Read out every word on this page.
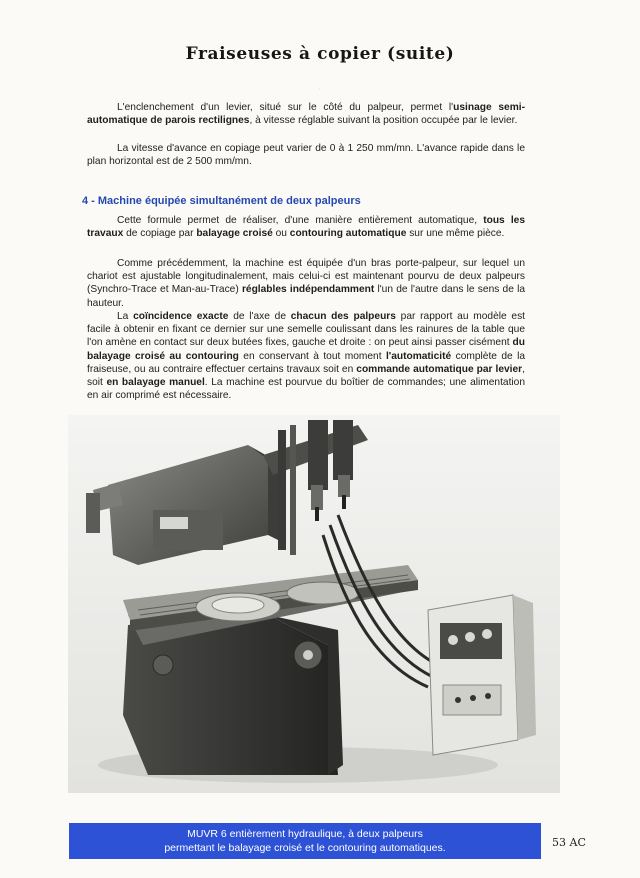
Fraiseuses à copier (suite)
·

L'enclenchement d'un levier, situé sur le côté du palpeur, permet l'usinage semi-automatique de parois rectilignes, à vitesse réglable suivant la position occupée par le levier.

La vitesse d'avance en copiage peut varier de 0 à 1 250 mm/mn. L'avance rapide dans le plan horizontal est de 2 500 mm/mn.

4 - Machine équipée simultanément de deux palpeurs

Cette formule permet de réaliser, d'une manière entièrement automatique, tous les travaux de copiage par balayage croisé ou contouring automatique sur une même pièce.

Comme précédemment, la machine est équipée d'un bras porte-palpeur, sur lequel un chariot est ajustable longitudinalement, mais celui-ci est maintenant pourvu de deux palpeurs (Synchro-Trace et Man-au-Trace) réglables indépendamment l'un de l'autre dans le sens de la hauteur.

La coïncidence exacte de l'axe de chacun des palpeurs par rapport au modèle est facile à obtenir en fixant ce dernier sur une semelle coulissant dans les rainures de la table que l'on amène en contact sur deux butées fixes, gauche et droite : on peut ainsi passer cisément du balayage croisé au contouring en conservant à tout moment l'automaticité complète de la fraiseuse, ou au contraire effectuer certains travaux soit en commande automatique par levier, soit en balayage manuel. La machine est pourvue du boîtier de commandes; une alimentation en air comprimé est nécessaire.

MUVR 6 entièrement hydraulique, à deux palpeurs
permettant le balayage croisé et le contouring automatiques.	53 AC
